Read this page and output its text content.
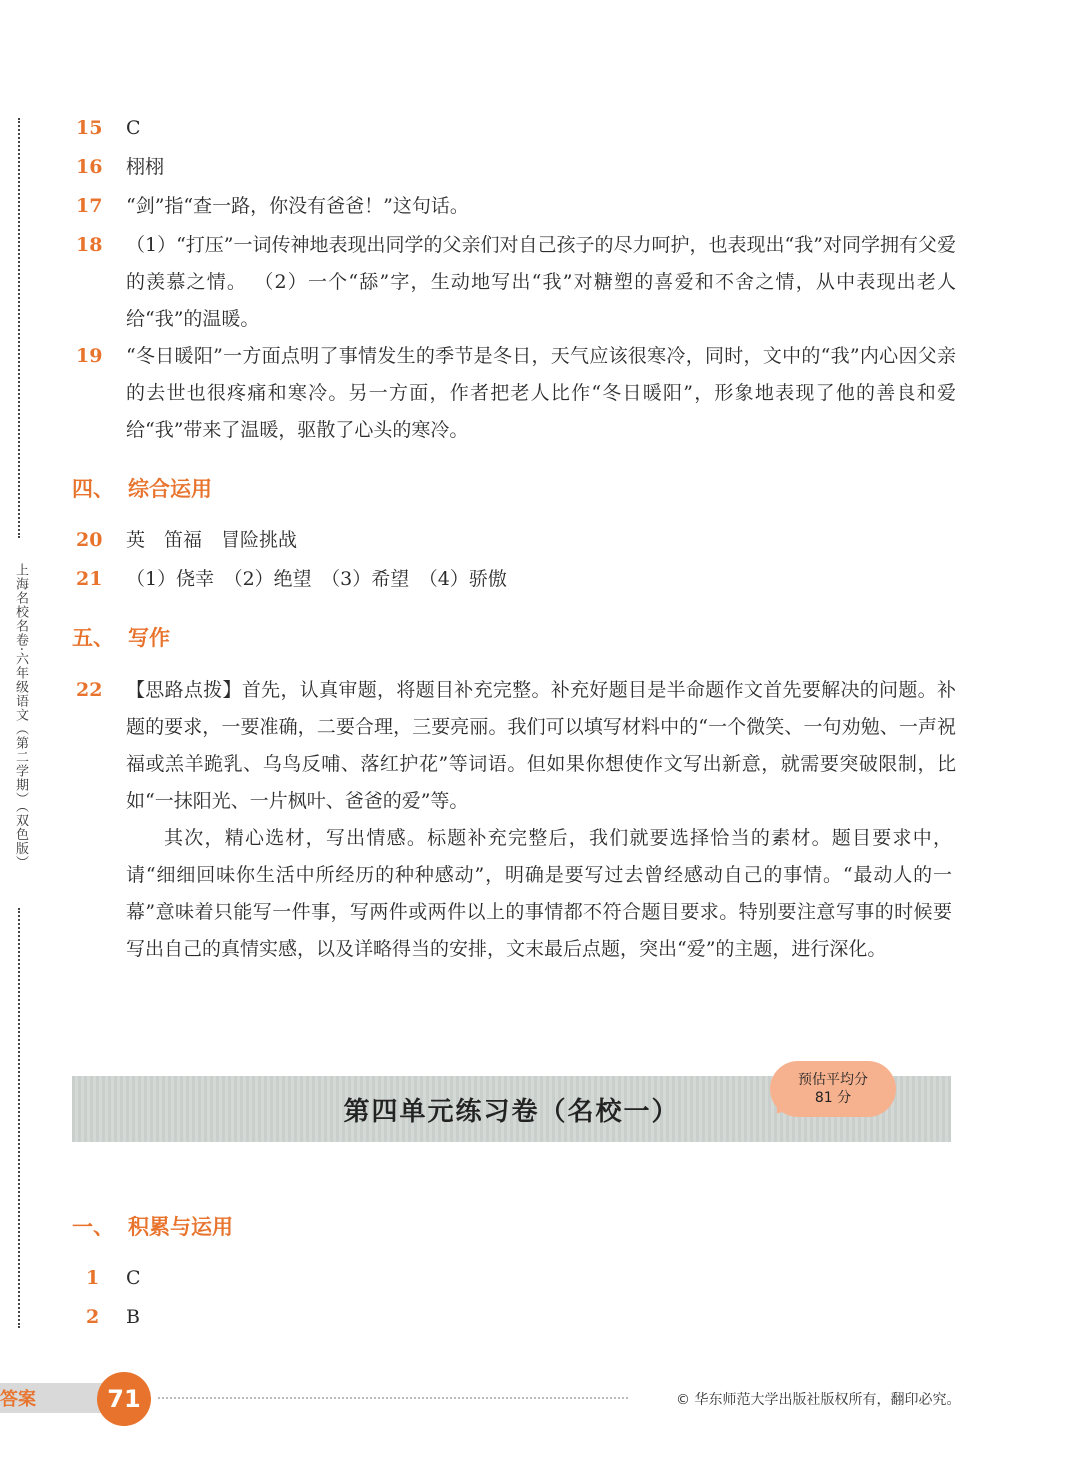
上海名校名卷·六年级语文（第二学期）（双色版）
15	C
16	栩栩
17	“剑”指“查一路，你没有爸爸！”这句话。
18	（1）“打压”一词传神地表现出同学的父亲们对自己孩子的尽力呵护，也表现出“我”对同学拥有父爱的羡慕之情。 （2）一个“舔”字，生动地写出“我”对糖塑的喜爱和不舍之情，从中表现出老人给“我”的温暖。
19	“冬日暖阳”一方面点明了事情发生的季节是冬日，天气应该很寒冷，同时，文中的“我”内心因父亲的去世也很疼痛和寒冷。另一方面，作者把老人比作“冬日暖阳”，形象地表现了他的善良和爱给“我”带来了温暖，驱散了心头的寒冷。
四、 综合运用
20	英　笛福　冒险挑战
21	（1）侥幸　（2）绝望　（3）希望　（4）骄傲
五、 写作
22	【思路点拨】首先，认真审题，将题目补充完整。补充好题目是半命题作文首先要解决的问题。补题的要求，一要准确，二要合理，三要亮丽。我们可以填写材料中的“一个微笑、一句劝勉、一声祝福或羔羊跪乳、乌鸟反哺、落红护花”等词语。但如果你想使作文写出新意，就需要突破限制，比如“一抹阳光、一片枫叶、爸爸的爱”等。
其次，精心选材，写出情感。标题补充完整后，我们就要选择恰当的素材。题目要求中，请“细细回味你生活中所经历的种种感动”，明确是要写过去曾经感动自己的事情。“最动人的一幕”意味着只能写一件事，写两件或两件以上的事情都不符合题目要求。特别要注意写事的时候要写出自己的真情实感，以及详略得当的安排，文末最后点题，突出“爱”的主题，进行深化。
第四单元练习卷（名校一）
预估平均分
81 分
一、 积累与运用
1	C
2	B
答案	71	© 华东师范大学出版社版权所有，翻印必究。
